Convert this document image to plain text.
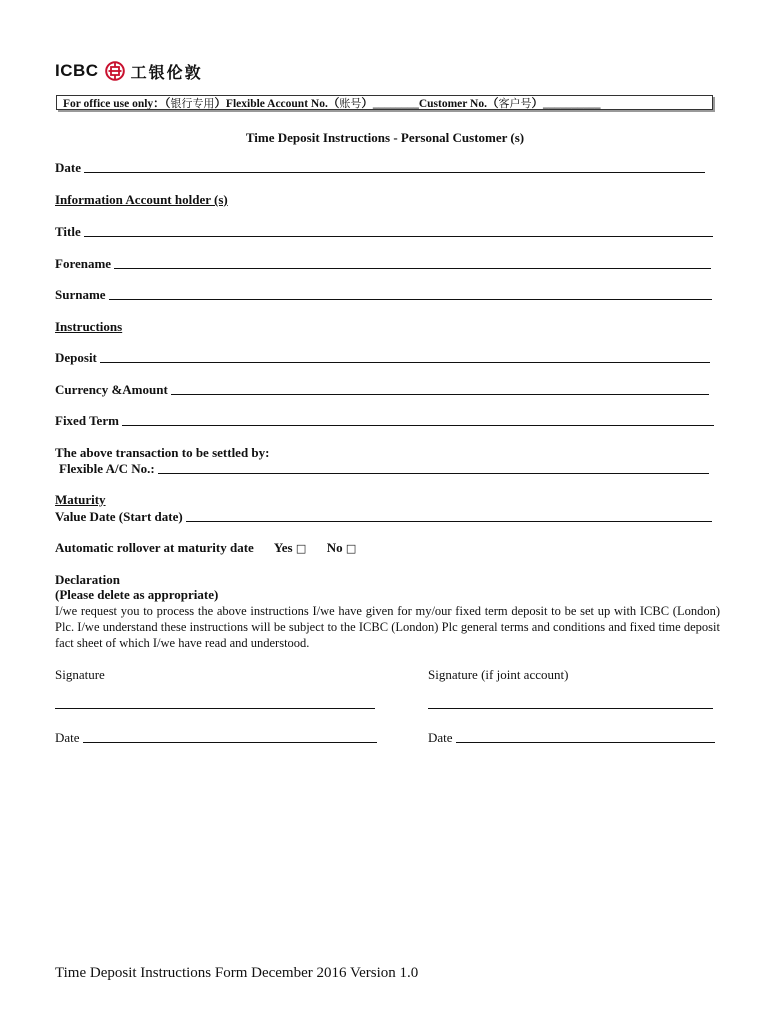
ICBC 工银伦敦
For office use only：（银行专用）Flexible Account No.（账号）________Customer No.（客户号）__________
Time Deposit Instructions - Personal Customer (s)
Date
Information Account holder (s)
Title
Forename
Surname
Instructions
Deposit
Currency &Amount
Fixed Term
The above transaction to be settled by:
Flexible A/C No.:
Maturity
Value Date (Start date)
Automatic rollover at maturity date Yes □ No □
Declaration
(Please delete as appropriate)
I/we request you to process the above instructions I/we have given for my/our fixed term deposit to be set up with ICBC (London) Plc. I/we understand these instructions will be subject to the ICBC (London) Plc general terms and conditions and fixed time deposit fact sheet of which I/we have read and understood.
Signature	Signature (if joint account)
Date	Date
Time Deposit Instructions Form December 2016 Version 1.0
